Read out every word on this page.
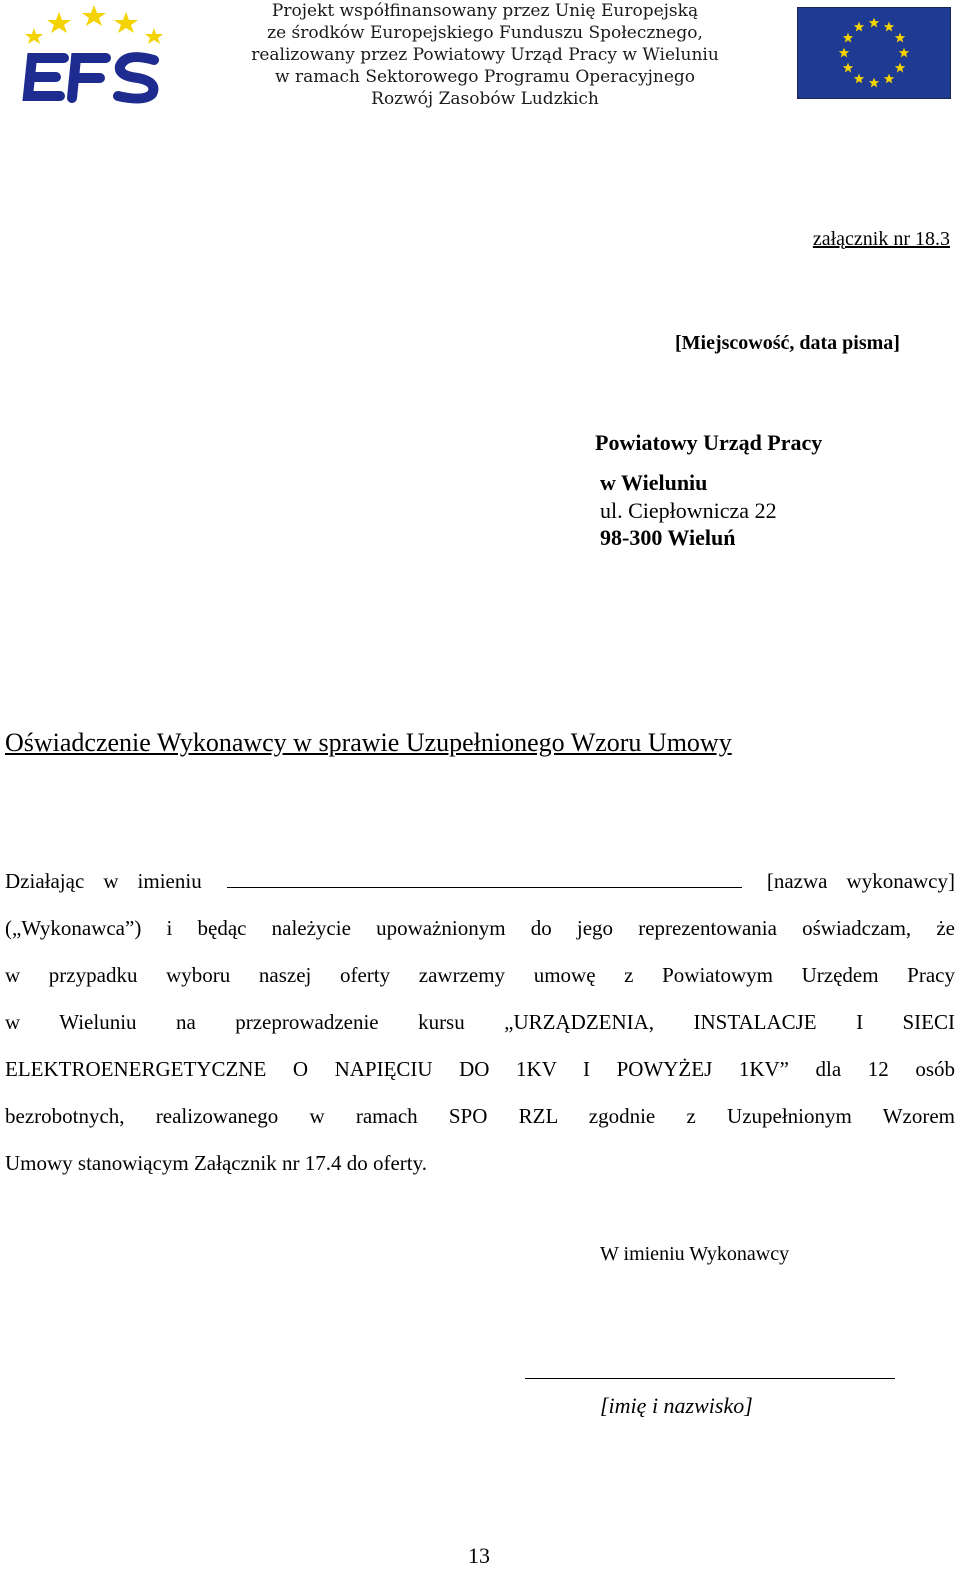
Projekt współfinansowany przez Unię Europejską
ze środków Europejskiego Funduszu Społecznego,
realizowany przez Powiatowy Urząd Pracy w Wieluniu
w ramach Sektorowego Programu Operacyjnego
Rozwój Zasobów Ludzkich
załącznik nr 18.3
[Miejscowość, data pisma]
Powiatowy Urząd Pracy
w Wieluniu
ul. Ciepłownicza 22
98-300 Wieluń
Oświadczenie Wykonawcy w sprawie Uzupełnionego Wzoru Umowy
Działając w imieniu	[nazwa wykonawcy]
(„Wykonawca”) i będąc należycie upoważnionym do jego reprezentowania oświadczam, że
w przypadku wyboru naszej oferty zawrzemy umowę z Powiatowym Urzędem Pracy
w Wieluniu na przeprowadzenie kursu „URZĄDZENIA, INSTALACJE I SIECI
ELEKTROENERGETYCZNE O NAPIĘCIU DO 1KV I POWYŻEJ 1KV” dla 12 osób
bezrobotnych, realizowanego w ramach SPO RZL zgodnie z Uzupełnionym Wzorem
Umowy stanowiącym Załącznik nr 17.4 do oferty.
W imieniu Wykonawcy
[imię i nazwisko]
13
